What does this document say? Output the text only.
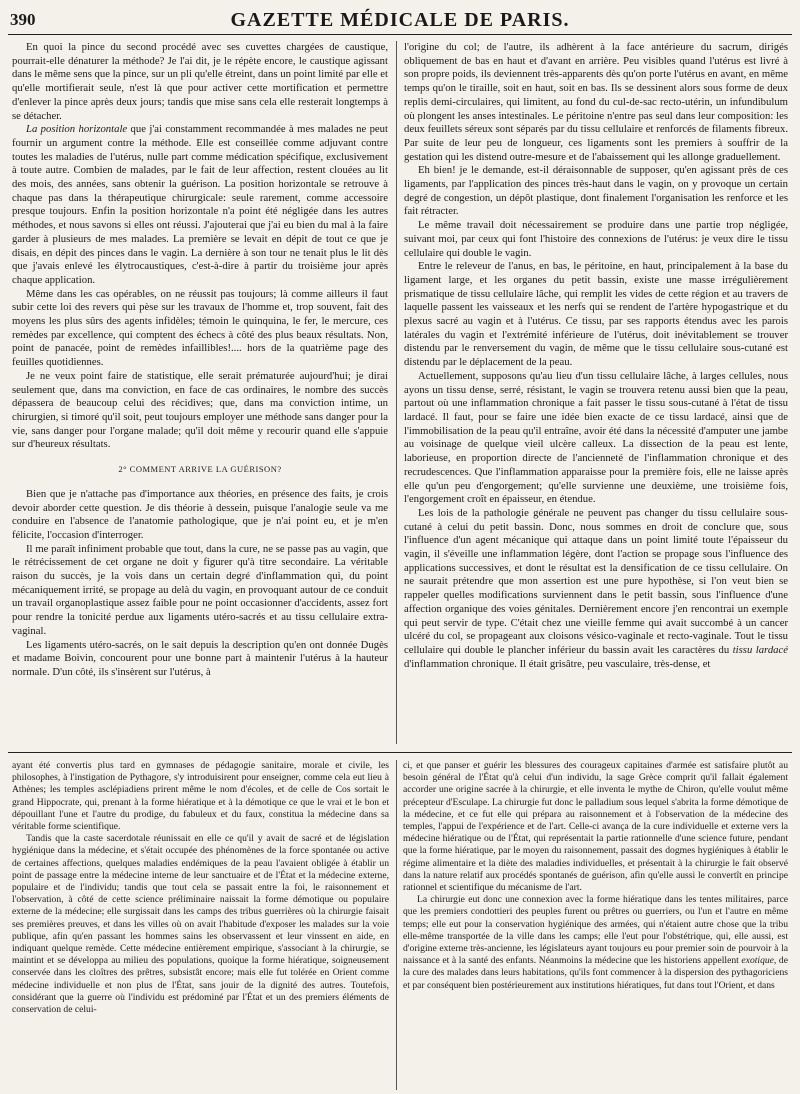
390	GAZETTE MÉDICALE DE PARIS.

En quoi la pince du second procédé avec ses cuvettes chargées de caustique, pourrait-elle dénaturer la méthode? Je l'ai dit, je le répète encore, le caustique agissant dans le même sens que la pince, sur un pli qu'elle étreint, dans un point limité par elle et qu'elle mortifierait seule, n'est là que pour activer cette mortification et permettre d'enlever la pince après deux jours; tandis que mise sans cela elle resterait longtemps à se détacher.

La position horizontale que j'ai constamment recommandée à mes malades ne peut fournir un argument contre la méthode. Elle est conseillée comme adjuvant contre toutes les maladies de l'utérus, nulle part comme médication spécifique, exclusivement à toute autre. Combien de malades, par le fait de leur affection, restent clouées au lit des mois, des années, sans obtenir la guérison. La position horizontale se retrouve à chaque pas dans la thérapeutique chirurgicale: seule rarement, comme accessoire presque toujours. Enfin la position horizontale n'a point été négligée dans les autres méthodes, et nous savons si elles ont réussi. J'ajouterai que j'ai eu bien du mal à la faire garder à plusieurs de mes malades. La première se levait en dépit de tout ce que je disais, en dépit des pinces dans le vagin. La dernière à son tour ne tenait plus le lit dès que j'avais enlevé les élytrocaustiques, c'est-à-dire à partir du troisième jour après chaque application.

Même dans les cas opérables, on ne réussit pas toujours; là comme ailleurs il faut subir cette loi des revers qui pèse sur les travaux de l'homme et, trop souvent, fait des moyens les plus sûrs des agents infidèles; témoin le quinquina, le fer, le mercure, ces remèdes par excellence, qui comptent des échecs à côté des plus beaux résultats. Non, point de panacée, point de remèdes infaillibles!.... hors de la quatrième page des feuilles quotidiennes.

Je ne veux point faire de statistique, elle serait prématurée aujourd'hui; je dirai seulement que, dans ma conviction, en face de cas ordinaires, le nombre des succès dépassera de beaucoup celui des récidives; que, dans ma conviction intime, un chirurgien, si timoré qu'il soit, peut toujours employer une méthode sans danger pour la vie, sans danger pour l'organe malade; qu'il doit même y recourir quand elle s'appuie sur d'heureux résultats.

2° COMMENT ARRIVE LA GUÉRISON?

Bien que je n'attache pas d'importance aux théories, en présence des faits, je crois devoir aborder cette question. Je dis théorie à dessein, puisque l'analogie seule va me conduire en l'absence de l'anatomie pathologique, que je n'ai point eu, et je m'en félicite, l'occasion d'interroger.

Il me paraît infiniment probable que tout, dans la cure, ne se passe pas au vagin, que le rétrécissement de cet organe ne doit y figurer qu'à titre secondaire. La véritable raison du succès, je la vois dans un certain degré d'inflammation qui, du point mécaniquement irrité, se propage au delà du vagin, en provoquant autour de ce conduit un travail organoplastique assez faible pour ne point occasionner d'accidents, assez fort pour rendre la tonicité perdue aux ligaments utéro-sacrés et au tissu cellulaire extra-vaginal.

Les ligaments utéro-sacrés, on le sait depuis la description qu'en ont donnée Dugès et madame Boivin, concourent pour une bonne part à maintenir l'utérus à la hauteur normale. D'un côté, ils s'insèrent sur l'utérus, à

l'origine du col; de l'autre, ils adhèrent à la face antérieure du sacrum, dirigés obliquement de bas en haut et d'avant en arrière. Peu visibles quand l'utérus est livré à son propre poids, ils deviennent très-apparents dès qu'on porte l'utérus en avant, en même temps qu'on le tiraille, soit en haut, soit en bas. Ils se dessinent alors sous forme de deux replis demi-circulaires, qui limitent, au fond du cul-de-sac recto-utérin, un infundibulum où plongent les anses intestinales. Le péritoine n'entre pas seul dans leur composition: les deux feuillets séreux sont séparés par du tissu cellulaire et renforcés de filaments fibreux. Par suite de leur peu de longueur, ces ligaments sont les premiers à souffrir de la gestation qui les distend outre-mesure et de l'abaissement qui les allonge graduellement.

Eh bien! je le demande, est-il déraisonnable de supposer, qu'en agissant près de ces ligaments, par l'application des pinces très-haut dans le vagin, on y provoque un certain degré de congestion, un dépôt plastique, dont finalement l'organisation les renforce et les fait rétracter.

Le même travail doit nécessairement se produire dans une partie trop négligée, suivant moi, par ceux qui font l'histoire des connexions de l'utérus: je veux dire le tissu cellulaire qui double le vagin.

Entre le releveur de l'anus, en bas, le péritoine, en haut, principalement à la base du ligament large, et les organes du petit bassin, existe une masse irrégulièrement prismatique de tissu cellulaire lâche, qui remplit les vides de cette région et au travers de laquelle passent les vaisseaux et les nerfs qui se rendent de l'artère hypogastrique et du plexus sacré au vagin et à l'utérus. Ce tissu, par ses rapports étendus avec les parois latérales du vagin et l'extrémité inférieure de l'utérus, doit inévitablement se trouver distendu par le renversement du vagin, de même que le tissu cellulaire sous-cutané est distendu par le déplacement de la peau.

Actuellement, supposons qu'au lieu d'un tissu cellulaire lâche, à larges cellules, nous ayons un tissu dense, serré, résistant, le vagin se trouvera retenu aussi bien que la peau, partout où une inflammation chronique a fait passer le tissu sous-cutané à l'état de tissu lardacé. Il faut, pour se faire une idée bien exacte de ce tissu lardacé, ainsi que de l'immobilisation de la peau qu'il entraîne, avoir été dans la nécessité d'amputer une jambe au voisinage de quelque vieil ulcère calleux. La dissection de la peau est lente, laborieuse, en proportion directe de l'ancienneté de l'inflammation chronique et des recrudescences. Que l'inflammation apparaisse pour la première fois, elle ne laisse après elle qu'un peu d'engorgement; qu'elle survienne une deuxième, une troisième fois, l'engorgement croît en épaisseur, en étendue.

Les lois de la pathologie générale ne peuvent pas changer du tissu cellulaire sous-cutané à celui du petit bassin. Donc, nous sommes en droit de conclure que, sous l'influence d'un agent mécanique qui attaque dans un point limité toute l'épaisseur du vagin, il s'éveille une inflammation légère, dont l'action se propage sous l'influence des applications successives, et dont le résultat est la densification de ce tissu cellulaire. On ne saurait prétendre que mon assertion est une pure hypothèse, si l'on veut bien se rappeler quelles modifications surviennent dans le petit bassin, sous l'influence d'une affection organique des voies génitales. Dernièrement encore j'en rencontrai un exemple qui peut servir de type. C'était chez une vieille femme qui avait succombé à un cancer ulcéré du col, se propageant aux cloisons vésico-vaginale et recto-vaginale. Tout le tissu cellulaire qui double le plancher inférieur du bassin avait les caractères du tissu lardacé d'inflammation chronique. Il était grisâtre, peu vasculaire, très-dense, et

ayant été convertis plus tard en gymnases de pédagogie sanitaire, morale et civile, les philosophes, à l'instigation de Pythagore, s'y introduisirent pour enseigner, comme cela eut lieu à Athènes; les temples asclépiadiens prirent même le nom d'écoles, et de celle de Cos sortait le grand Hippocrate, qui, prenant à la forme hiératique et à la démotique ce que le vrai et le bon et dépouillant l'une et l'autre du prodige, du fabuleux et du faux, constitua la médecine dans sa véritable forme scientifique.

Tandis que la caste sacerdotale réunissait en elle ce qu'il y avait de sacré et de législation hygiénique dans la médecine, et s'était occupée des phénomènes de la force spontanée ou active de certaines affections, quelques maladies endémiques de la peau l'avaient obligée à établir un point de passage entre la médecine interne de leur sanctuaire et de l'État et la médecine externe, populaire et de l'individu; tandis que tout cela se passait entre la foi, le raisonnement et l'observation, à côté de cette science préliminaire naissait la forme démotique ou populaire externe de la médecine; elle surgissait dans les camps des tribus guerrières où la chirurgie faisait ses premières preuves, et dans les villes où on avait l'habitude d'exposer les malades sur la voie publique, afin qu'en passant les hommes sains les observassent et leur vinssent en aide, en indiquant quelque remède. Cette médecine entièrement empirique, s'associant à la chirurgie, se maintint et se développa au milieu des populations, quoique la forme hiératique, soigneusement conservée dans les cloîtres des prêtres, subsistât encore; mais elle fut tolérée en Orient comme médecine individuelle et non plus de l'État, sans jouir de la dignité des autres. Toutefois, considérant que la guerre où l'individu est prédominé par l'État et un des premiers éléments de conservation de celui-

ci, et que panser et guérir les blessures des courageux capitaines d'armée est satisfaire plutôt au besoin général de l'État qu'à celui d'un individu, la sage Grèce comprit qu'il fallait également accorder une origine sacrée à la chirurgie, et elle inventa le mythe de Chiron, qu'elle voulut même précepteur d'Esculape. La chirurgie fut donc le palladium sous lequel s'abrita la forme démotique de la médecine, et ce fut elle qui prépara au raisonnement et à l'observation de la médecine des temples, l'appui de l'expérience et de l'art. Celle-ci avança de la cure individuelle et externe vers la médecine hiératique ou de l'État, qui représentait la partie rationnelle d'une science future, pendant que la forme hiératique, par le moyen du raisonnement, passait des dogmes hygiéniques à établir le régime alimentaire et la diète des maladies individuelles, et présentait à la chirurgie le fait observé dans la nature relatif aux procédés spontanés de guérison, afin qu'elle aussi le convertît en principe rationnel et scientifique du mécanisme de l'art.

La chirurgie eut donc une connexion avec la forme hiératique dans les tentes militaires, parce que les premiers condottieri des peuples furent ou prêtres ou guerriers, ou l'un et l'autre en même temps; elle eut pour la conservation hygiénique des armées, qui n'étaient autre chose que la tribu elle-même transportée de la ville dans les camps; elle l'eut pour l'obstétrique, qui, elle aussi, est d'origine externe très-ancienne, les législateurs ayant toujours eu pour premier soin de pourvoir à la naissance et à la santé des enfants. Néanmoins la médecine que les historiens appellent exotique, de la cure des malades dans leurs habitations, qu'ils font commencer à la dispersion des pythagoriciens et par conséquent bien postérieurement aux institutions hiératiques, fut dans tout l'Orient, et dans
